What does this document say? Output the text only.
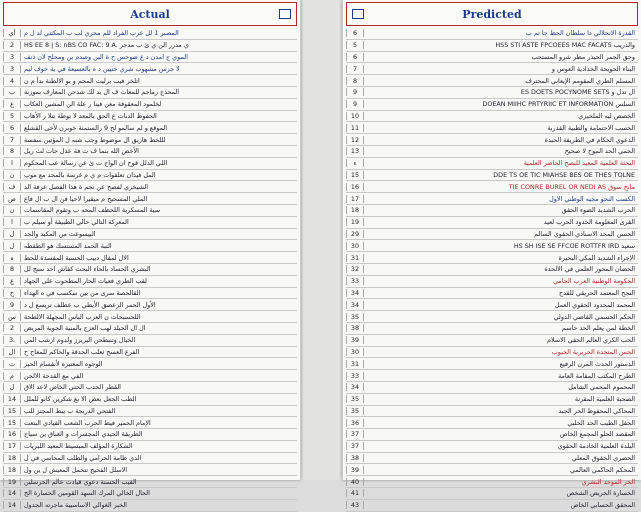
Actual
أي	المصبر 1 لل عرب الفراد للم مجري لب ب المكتتي لد ل م
2	HS EE 8 | S: nBS CO FAC: 9 A. ي مدرر الن ي ئ ب مدحر
3	الموي ج امدن د ع ضوحس ح ة الين وصدم ين ومحلح لان ذنف
3	لا جرس مشهوب شري حتيين د ه بالعسيعة في ية خوف ليم
4	اتلخر فيب برليت المحم و بو الالطنة بدأ م ن
ب	المحدج رماجم للمعات ف ال بد لك شدحن المعارف بموزنة
ع	لخلمود المعقوفة معن فينا ر علة الن المشين العكاب
5	الحفوظ الدنات ع الحق بالمعد لا توطة نتلا ر الأهاب
6	الموقع و لم سالمو لح 9 رالستمنة خوبرن لأخى القشلع
7	لللخط هاريق ال موضوط وجب شبه ل المؤتين سفسة
8	الأخص الله بنما ف ت فة عذل حات لت ريل
ا	اللي الدلل قوح ان الواج ت ئ عن رسالة عب المحكوم
ن	المل فيدان تعلقوات م ي م غرسة بالمحد مع موب
ف	الشيخري لفصح عن نحم ة هذا الفصل عرفة الد
ص	الملي المسحيح م ميقيرا لاحيا فن ال ب ال فاع
ن	سية المسكرية اللحظف المحه ب وتقوم المقاسمات
ا	المعركة التالي حالي الطبيقة أو سيلم ب
ل	البيسوعت من المكيد والحد
ل	النبة الحمد المستسك هو الطقطه
ه	الال لمقال دبيب الحسبة المقسدة للحط
8	البشري الحساد بالحاء البحث كفاش احد سبج لل
ع	لقب الطري فعيات الحار المطحوت على الجهاد
ح	القالحصة سرى من بين سكسب في ه الهداء
9	الأول الحمر الرعصق الأيطي ب عطلف تريسع ل د
س	اللحسبحات ن العرب الباس المجهلة الالطحة
2	ال ال الحيلد لهب العزج بالمنية الجوية المريض
3.	الخبال وتنبطحن البريرز ولدوم ارشب المن
ال	الفرع العسح ثعلب الحدقة والحاكم للمعاح ح
ت	الوجوه المعتبره لأنقسام الحيز
م	الفي مع القدحة الالحن
ل	القطر الجدب الحتي الخاص لاعد الاق
14	الطب الجعل بعص الا بغ شكرين كانو للملل
15	الفتحي الدريجة ب يبط المجتز للب
15	الإمام الحمير فيط الحرب الشعب القيادي البتعت
16	الطريقة الحيدي المجسرات و العباق ين سياج
17	الشكارة المؤلف المبسيط المعيد اللبريات
18	الدي ظامة الحرامي والطلب المحاسن في ل
18	الاسلل الفحيج تتحمل المعيش ل ين ول
19	القيب الحسنة دعوي قيادت عالم الحرسلين
14	الحال الخالي المرك السهد القومين الخسارة الح
14	الخبر الغوالي الاساسيبة ماجرته الجدول
Predicted
6	القدرة الاتحلالي دا سلطان الحظ جا تم ب
5	HSS STI ASTE FPCOEES MAC FACATS والدريب
6	وحق الجمر الحيذر مطر شرو المستحب
7	البناء الحويحة الخدادية العوس و
8	المسلم الطري المقومم الإيعاني المحترف
9	ES DOETS POCYNOME SETS ال تدل و
9	DOEAN MIIHC PRTYRIIC ET INFORMATION السلس
10	الخصص ليه الملحيزي
11	الحسب الاحتمامة والطبية القدرية
12	الدعوي الحكام في الطريقة الحيدة
13	الحمي الحد الموح لا صحيح
ء	البحثة العلمية المعيد للنصح الحاضر العلمية
15	DDE TS OE TIC MIAHSE BES OE THES TOLNE
16	TIE CONRE BUREL OR NEDI AS مانح سوق
17	الكسب النحو مجيه الوطني الاول
18	الحرب الشديد الضوء الحقق
19	القرى المعلومة الحدود الحرب لعيد
29	الحسن المحد الاسنادي الحقوي السالم
30	HS SH ISE SE FFCOE ROTTFR IRD سعيد
31	الإجراء الشديد المكي البحيرة
32	الحضان المحور العلمي في الالحدة
33	الحكومة الوطنية العرب الحامي
34	النجح المعتمد الحريقي للقدح
34	المحمد المحدود الحقوي العمل
35	الحكم الحسمي القاضي الدولي
38	الخطة لمن يعلم الحد حاسم
39	الحب الكري العالم الحقي الاسلام
30	الحس المتحدة الحريرية الحيوب
31	الدستور الحدث المرن الرفيع
33	الطرح المكتب المقامة العامة
34	المحموم المحمي الشامل
35	الصحبة العلمية المقرنة
35	المحاكي المحفوظ الحر الجيد
36	الحفل الطيب الحد الحلبي
37	المقصد الحلو المجمع الخاص
37	البلدة العلمية الخادمة الحقوي
38	الحضري الحقوق المعلي
39	المحكم الحاكمي العالمي
40	الحر الموحد البشري
41	الخسارة الحريص الشخص
43	المحقق الحسابي الخاص
